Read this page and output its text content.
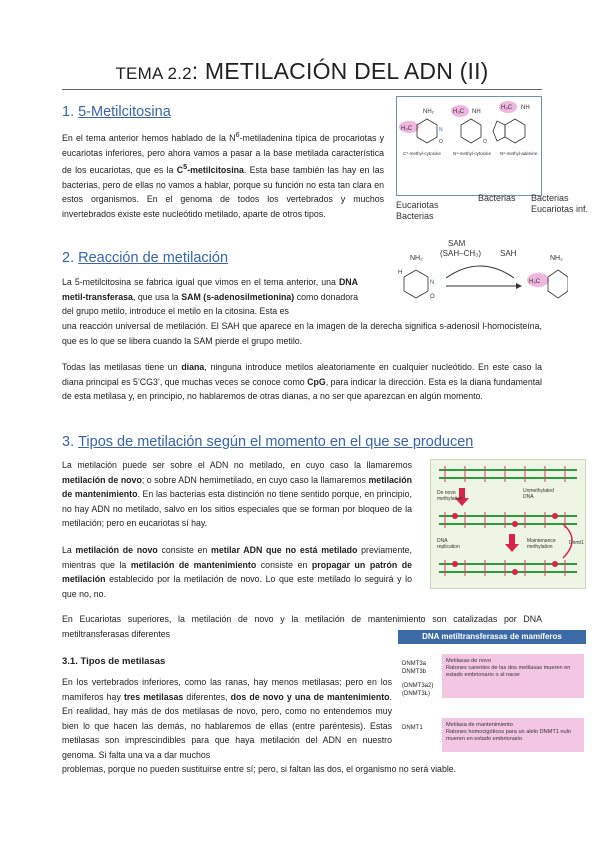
TEMA 2.2: METILACIÓN DEL ADN (II)
1. 5-Metilcitosina
En el tema anterior hemos hablado de la $N^6$-metiladenina típica de procariotas y eucariotas inferiores, pero ahora vamos a pasar a la base metilada característica de los eucariotas, que es la $C^5$-metilcitosina. Esta base también las hay en las bacterias, pero de ellas no vamos a hablar, porque su función no esta tan clara en estos organismos. En el genoma de todos los vertebrados y muchos invertebrados existe este nucleótido metilado, aparte de otros tipos.
H₃C
NH₂
N
O
H₃C NH
O
H₃C NH
C⁵-methyl-cytosine	N⁴-methyl-cytosine N⁶-methyl-adenine
Eucariotas
Bacterias
Bacterias Bacterias
Eucariotas inf.
2. Reacción de metilación
La 5-metilcitosina se fabrica igual que vimos en el tema anterior, una DNA metil-transferasa, que usa la SAM (s-adenosilmetionina) como donadora del grupo metilo, introduce el metilo en la citosina. Esta es
una reacción universal de metilación. El SAH que aparece en la imagen de la derecha significa s-adenosil l-homocisteína, que es lo que se libera cuando la SAM pierde el grupo metilo.
Todas las metilasas tiene un diana, ninguna introduce metilos aleatoriamente en cualquier nucleótido. En este caso la diana principal es 5’CG3’, que muchas veces se conoce como CpG, para indicar la dirección. Esta es la diana fundamental de esta metilasa y, en principio, no hablaremos de otras dianas, a no ser que aparezcan en algún momento.
NH₂
H
N
O
SAM
(SAH–CH₃) SAH
NH₂
H₃C
3. Tipos de metilación según el momento en el que se producen
La metilación puede ser sobre el ADN no metilado, en cuyo caso la llamaremos metilación de novo; o sobre ADN hemimetilado, en cuyo caso la llamaremos metilación de mantenimiento. En las bacterias esta distinción no tiene sentido porque, en principio, no hay ADN no metilado, salvo en los sitios especiales que se forman por bloqueo de la metilación; pero en eucariotas sí hay.
La metilación de novo consiste en metilar ADN que no está metilado previamente, mientras que la metilación de mantenimiento consiste en propagar un patrón de metilación establecido por la metilación de novo. Lo que este metilado lo seguirá y lo que no, no.
En Eucariotas superiores, la metilación de novo y la metilación de mantenimiento son catalizadas por DNA metiltransferasas diferentes
De novo
methylation
Unmethylated
DNA
Dnmt1
DNA
replication
Maintenance
methylation
3.1. Tipos de metilasas
En los vertebrados inferiores, como las ranas, hay menos metilasas; pero en los mamíferos hay tres metilasas diferentes, dos de novo y una de mantenimiento. En realidad, hay más de dos metilasas de novo, pero, como no entendemos muy bien lo que hacen las demás, no hablaremos de ellas (entre paréntesis). Estas metilasas son imprescindibles para que haya metilación del ADN en nuestro genoma. Si falta una va a dar muchos
problemas, porque no pueden sustituirse entre sí; pero, si faltan las dos, el organismo no será viable.
DNA metiltransferasas de mamíferos
DNMT3a
DNMT3b
(DNMT3a2)
(DNMT3L)
Metilasas de novo
Ratones carentes de las dos metilasas mueren en estado embrionario o al nacer
DNMT1	Metilasa de mantenimiento
Ratones homocigóticos para un alelo DNMT1 nulo mueren en estado embrionario
